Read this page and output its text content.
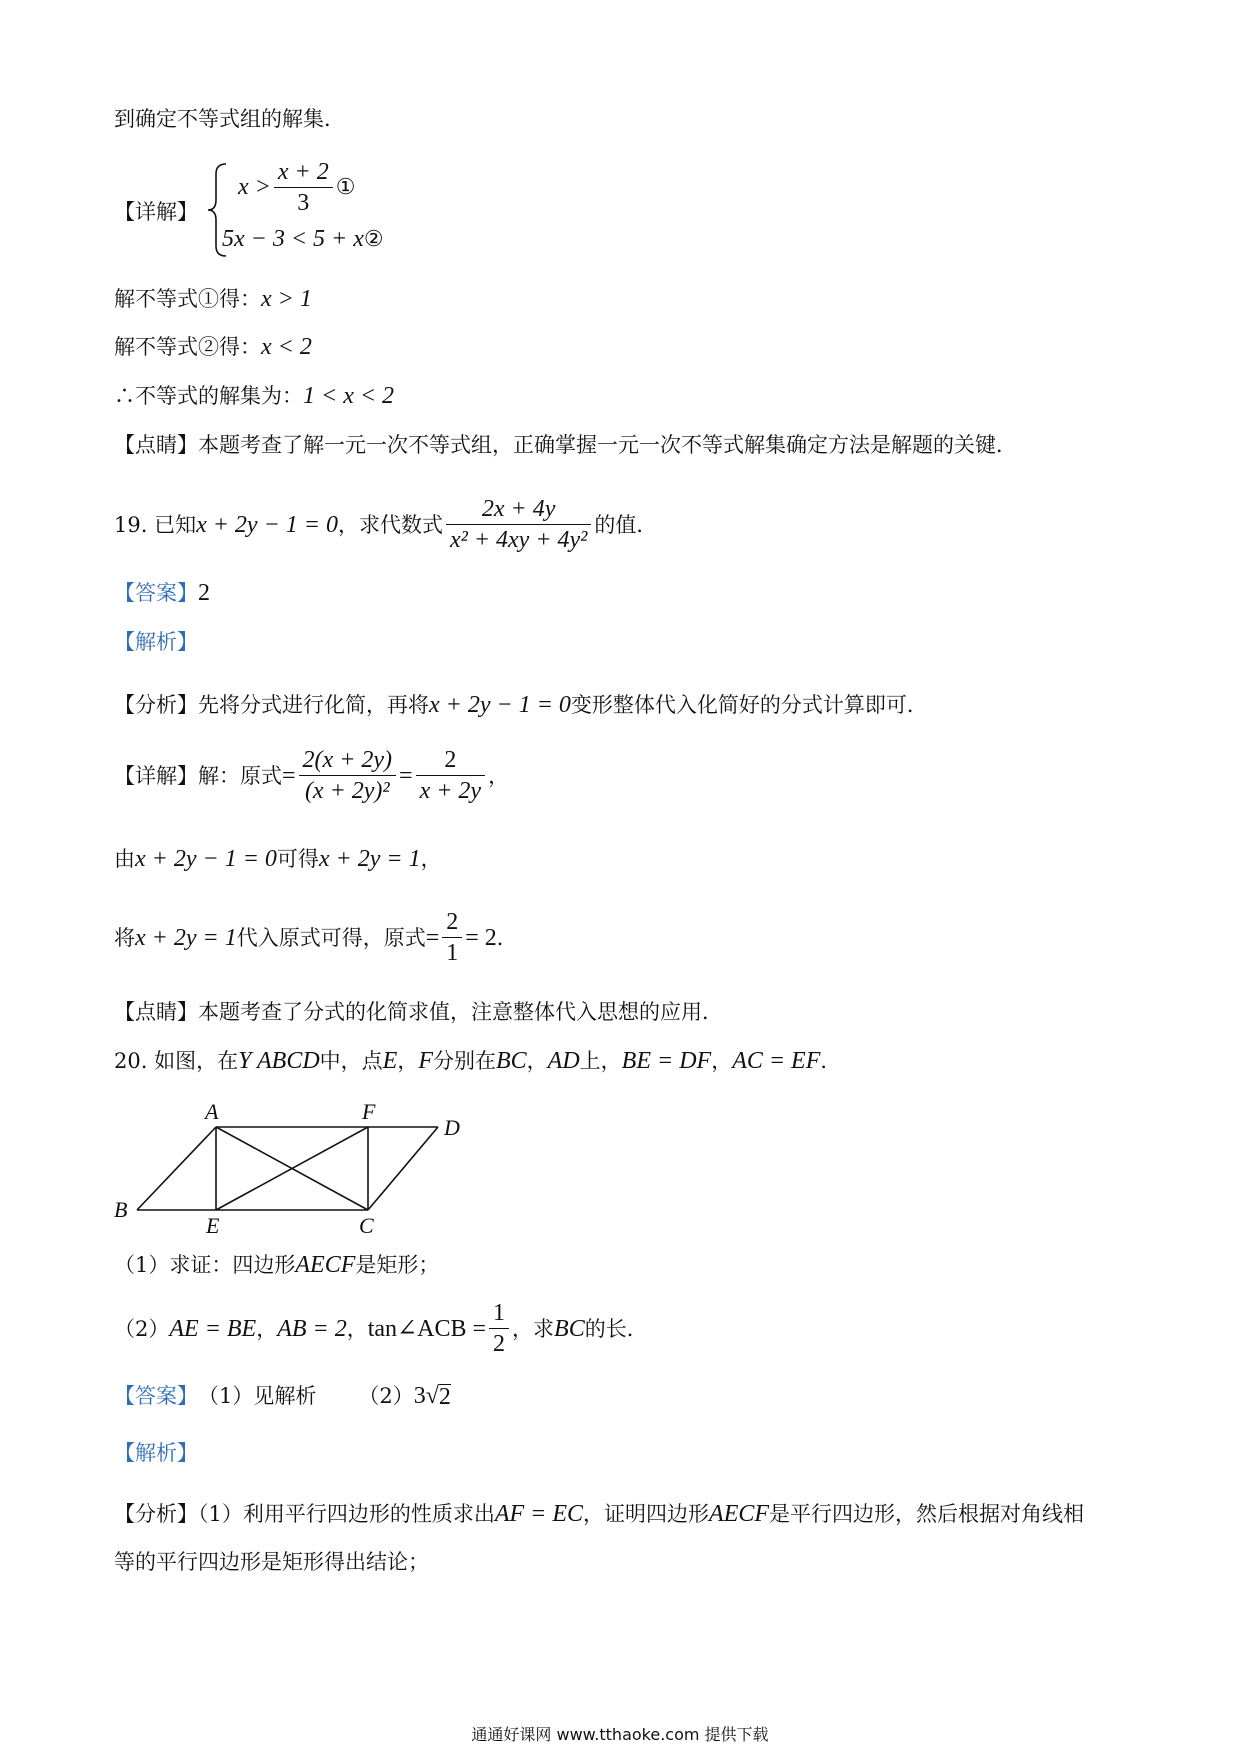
到确定不等式组的解集．
【详解】
$x > \frac{x + 2}{3}$ ①
5x − 3 < 5 + x ②
解不等式①得：x > 1
解不等式②得：x < 2
∴不等式的解集为：1 < x < 2
【点睛】本题考查了解一元一次不等式组，正确掌握一元一次不等式解集确定方法是解题的关键．
19. 已知 x + 2y − 1 = 0 ，求代数式 $\frac{2x + 4y}{\text{x² + 4xy + 4y²}}$ 的值．
【答案】2
【解析】
【分析】先将分式进行化简，再将x + 2y − 1 = 0变形整体代入化简好的分式计算即可．
【详解】解：原式 = $\frac{2(x + 2y)}{\text{(x + 2y)²}} = \frac{2}{x + 2y}$ ，
由x + 2y − 1 = 0可得x + 2y = 1，
将 x + 2y = 1 代入原式可得，原式 = $\frac{2}{1} = 2$ ．
【点睛】本题考查了分式的化简求值，注意整体代入思想的应用．
20. 如图，在Y ABCD中，点E，F分别在BC，AD上，BE = DF，AC = EF．
A	F
D
B
E	C
（1）求证：四边形AECF是矩形；
（2） AE = BE ， AB = 2 ， tan∠ACB = $\frac{1}{2}$ ，求 BC 的长．
【答案】 （1）见解析 （2） 3 √ 2
【解析】
【分析】（1）利用平行四边形的性质求出AF = EC，证明四边形AECF是平行四边形，然后根据对角线相
等的平行四边形是矩形得出结论；
通通好课网 www.tthaoke.com 提供下载
